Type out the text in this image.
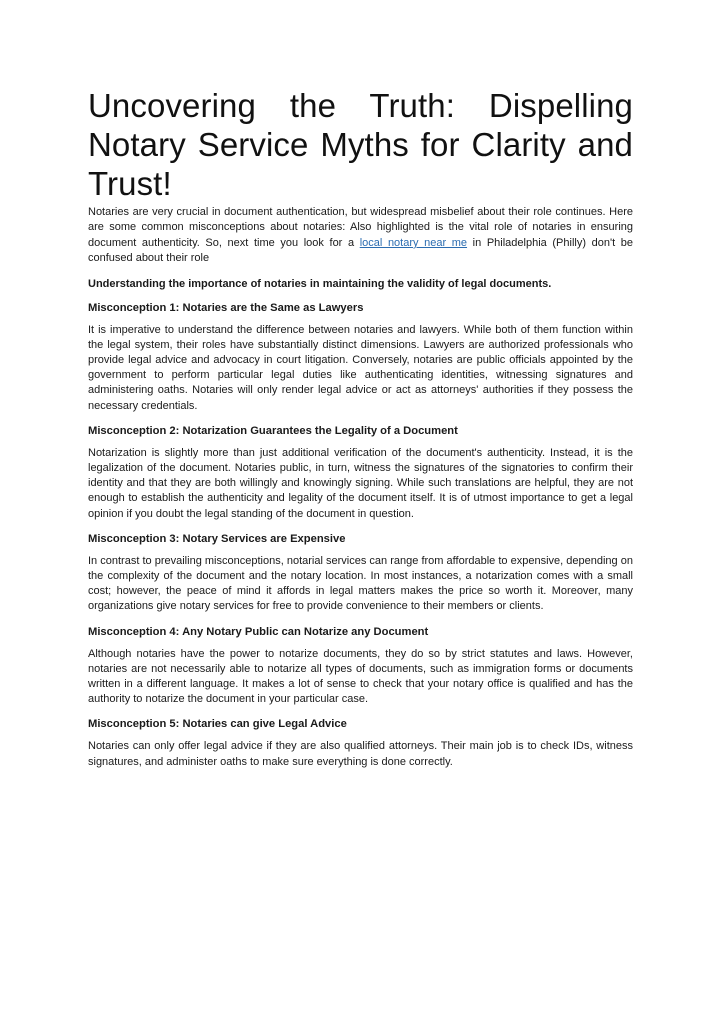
Uncovering the Truth: Dispelling Notary Service Myths for Clarity and Trust!

Notaries are very crucial in document authentication, but widespread misbelief about their role continues. Here are some common misconceptions about notaries: Also highlighted is the vital role of notaries in ensuring document authenticity. So, next time you look for a local notary near me in Philadelphia (Philly) don't be confused about their role

Understanding the importance of notaries in maintaining the validity of legal documents.

Misconception 1: Notaries are the Same as Lawyers

It is imperative to understand the difference between notaries and lawyers. While both of them function within the legal system, their roles have substantially distinct dimensions. Lawyers are authorized professionals who provide legal advice and advocacy in court litigation. Conversely, notaries are public officials appointed by the government to perform particular legal duties like authenticating identities, witnessing signatures and administering oaths. Notaries will only render legal advice or act as attorneys' authorities if they possess the necessary credentials.

Misconception 2: Notarization Guarantees the Legality of a Document

Notarization is slightly more than just additional verification of the document's authenticity. Instead, it is the legalization of the document. Notaries public, in turn, witness the signatures of the signatories to confirm their identity and that they are both willingly and knowingly signing. While such translations are helpful, they are not enough to establish the authenticity and legality of the document itself. It is of utmost importance to get a legal opinion if you doubt the legal standing of the document in question.

Misconception 3: Notary Services are Expensive

In contrast to prevailing misconceptions, notarial services can range from affordable to expensive, depending on the complexity of the document and the notary location. In most instances, a notarization comes with a small cost; however, the peace of mind it affords in legal matters makes the price so worth it. Moreover, many organizations give notary services for free to provide convenience to their members or clients.

Misconception 4: Any Notary Public can Notarize any Document

Although notaries have the power to notarize documents, they do so by strict statutes and laws. However, notaries are not necessarily able to notarize all types of documents, such as immigration forms or documents written in a different language. It makes a lot of sense to check that your notary office is qualified and has the authority to notarize the document in your particular case.

Misconception 5: Notaries can give Legal Advice

Notaries can only offer legal advice if they are also qualified attorneys. Their main job is to check IDs, witness signatures, and administer oaths to make sure everything is done correctly.
